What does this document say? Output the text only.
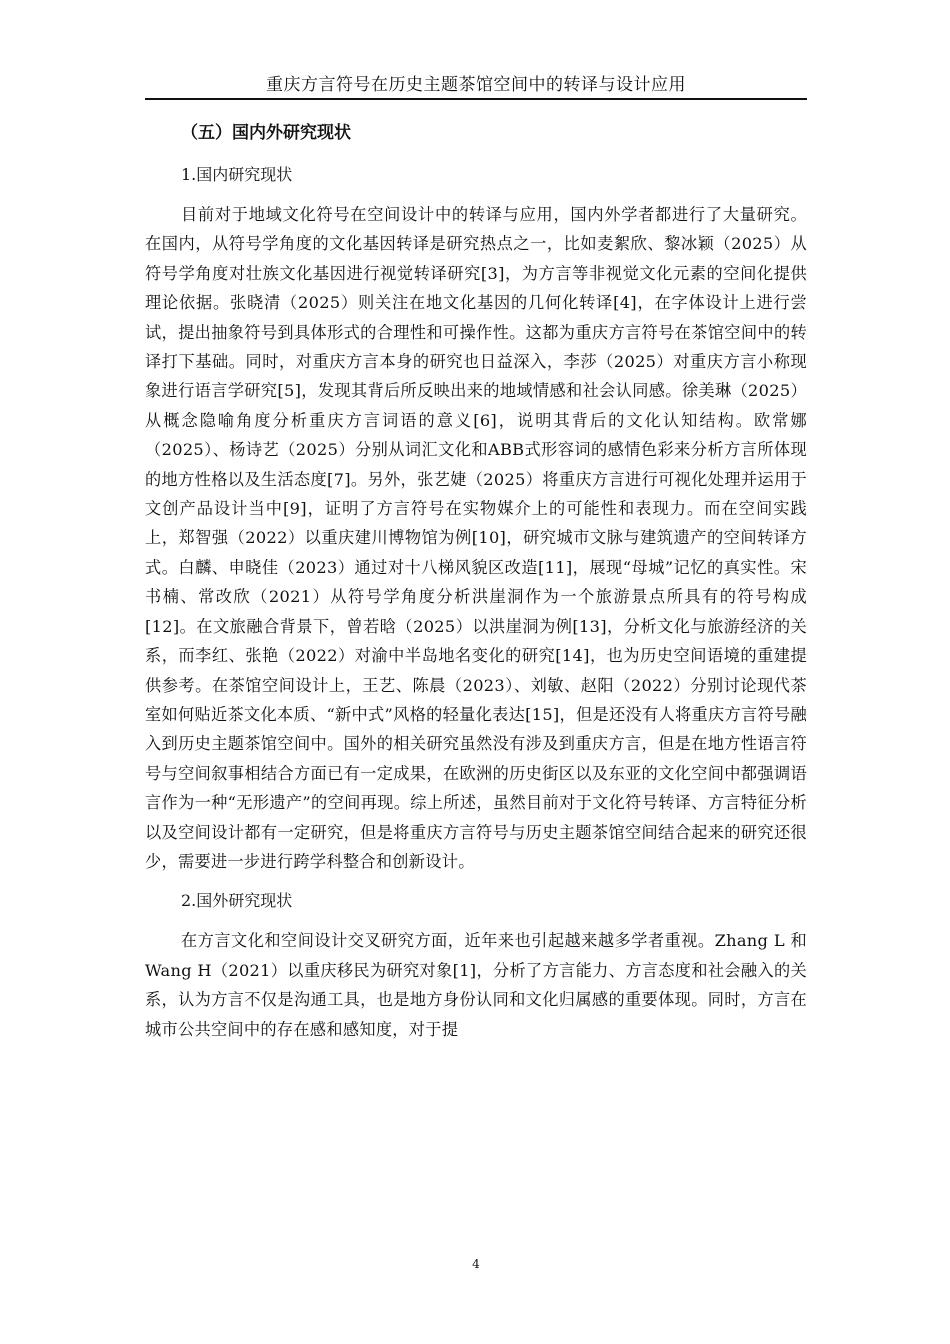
重庆方言符号在历史主题茶馆空间中的转译与设计应用

（五）国内外研究现状

1.国内研究现状

目前对于地域文化符号在空间设计中的转译与应用，国内外学者都进行了大量研究。在国内，从符号学角度的文化基因转译是研究热点之一，比如麦絮欣、黎冰颖（2025）从符号学角度对壮族文化基因进行视觉转译研究[3]，为方言等非视觉文化元素的空间化提供理论依据。张晓清（2025）则关注在地文化基因的几何化转译[4]，在字体设计上进行尝试，提出抽象符号到具体形式的合理性和可操作性。这都为重庆方言符号在茶馆空间中的转译打下基础。同时，对重庆方言本身的研究也日益深入，李莎（2025）对重庆方言小称现象进行语言学研究[5]，发现其背后所反映出来的地域情感和社会认同感。徐美琳（2025）从概念隐喻角度分析重庆方言词语的意义[6]，说明其背后的文化认知结构。欧常娜（2025）、杨诗艺（2025）分别从词汇文化和ABB式形容词的感情色彩来分析方言所体现的地方性格以及生活态度[7]。另外，张艺婕（2025）将重庆方言进行可视化处理并运用于文创产品设计当中[9]，证明了方言符号在实物媒介上的可能性和表现力。而在空间实践上，郑智强（2022）以重庆建川博物馆为例[10]，研究城市文脉与建筑遗产的空间转译方式。白麟、申晓佳（2023）通过对十八梯风貌区改造[11]，展现“母城”记忆的真实性。宋书楠、常改欣（2021）从符号学角度分析洪崖洞作为一个旅游景点所具有的符号构成[12]。在文旅融合背景下，曾若晗（2025）以洪崖洞为例[13]，分析文化与旅游经济的关系，而李红、张艳（2022）对渝中半岛地名变化的研究[14]，也为历史空间语境的重建提供参考。在茶馆空间设计上，王艺、陈晨（2023）、刘敏、赵阳（2022）分别讨论现代茶室如何贴近茶文化本质、“新中式”风格的轻量化表达[15]，但是还没有人将重庆方言符号融入到历史主题茶馆空间中。国外的相关研究虽然没有涉及到重庆方言，但是在地方性语言符号与空间叙事相结合方面已有一定成果，在欧洲的历史街区以及东亚的文化空间中都强调语言作为一种“无形遗产”的空间再现。综上所述，虽然目前对于文化符号转译、方言特征分析以及空间设计都有一定研究，但是将重庆方言符号与历史主题茶馆空间结合起来的研究还很少，需要进一步进行跨学科整合和创新设计。

2.国外研究现状

在方言文化和空间设计交叉研究方面，近年来也引起越来越多学者重视。Zhang L 和 Wang H（2021）以重庆移民为研究对象[1]，分析了方言能力、方言态度和社会融入的关系，认为方言不仅是沟通工具，也是地方身份认同和文化归属感的重要体现。同时，方言在城市公共空间中的存在感和感知度，对于提

4
